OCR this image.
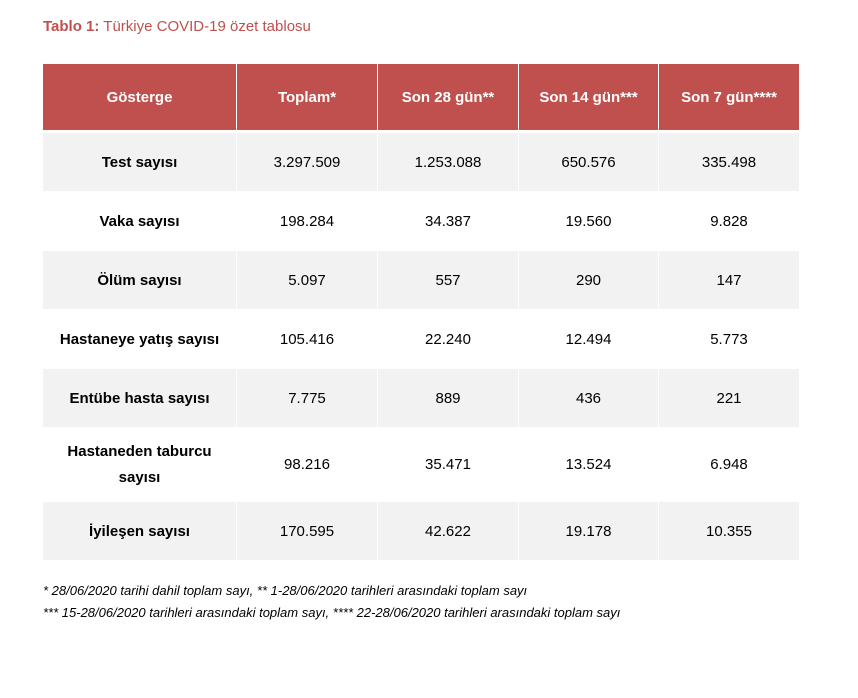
Tablo 1: Türkiye COVID-19 özet tablosu
Gösterge	Toplam*	Son 28 gün**	Son 14 gün***	Son 7 gün****
Test sayısı	3.297.509	1.253.088	650.576	335.498
Vaka sayısı	198.284	34.387	19.560	9.828
Ölüm sayısı	5.097	557	290	147
Hastaneye yatış sayısı	105.416	22.240	12.494	5.773
Entübe hasta sayısı	7.775	889	436	221
Hastaneden taburcu sayısı	98.216	35.471	13.524	6.948
İyileşen sayısı	170.595	42.622	19.178	10.355
* 28/06/2020 tarihi dahil toplam sayı, ** 1-28/06/2020 tarihleri arasındaki toplam sayı
*** 15-28/06/2020 tarihleri arasındaki toplam sayı, **** 22-28/06/2020 tarihleri arasındaki toplam sayı
